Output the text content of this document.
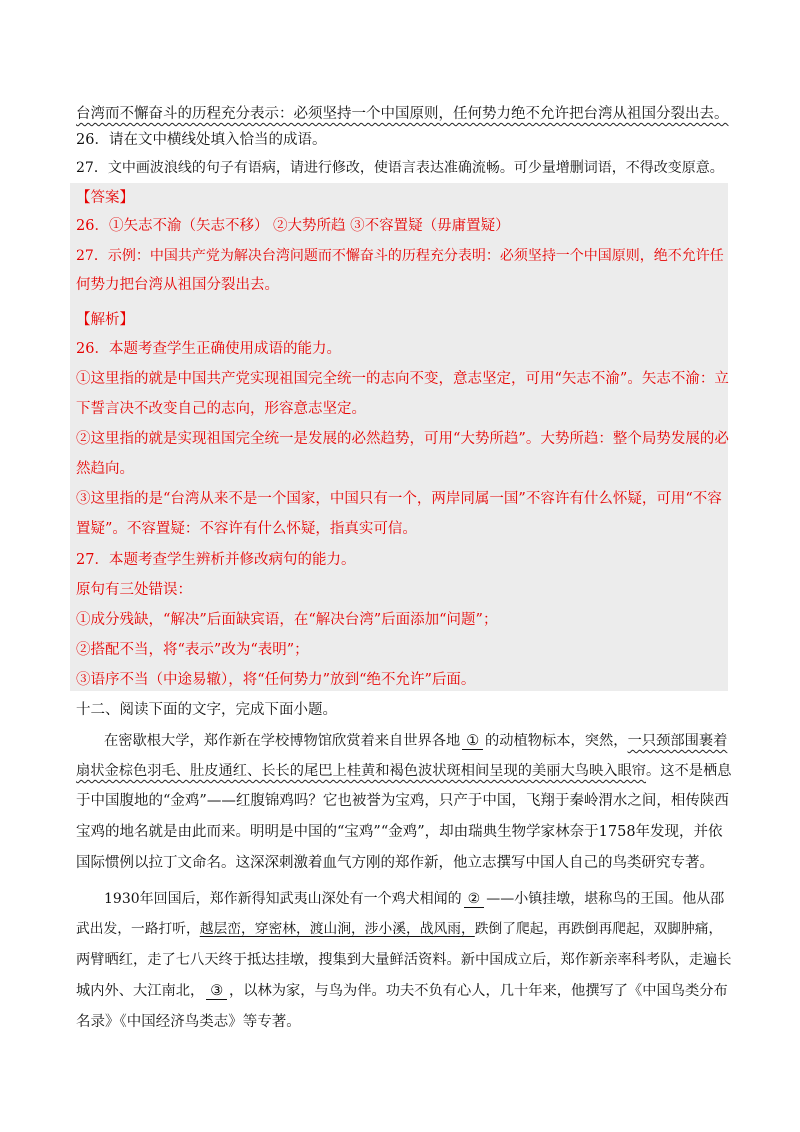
台湾而不懈奋斗的历程充分表示：必须坚持一个中国原则，任何势力绝不允许把台湾从祖国分裂出去。
26．请在文中横线处填入恰当的成语。
27．文中画波浪线的句子有语病，请进行修改，使语言表达准确流畅。可少量增删词语，不得改变原意。
【答案】
26．①矢志不渝（矢志不移） ②大势所趋 ③不容置疑（毋庸置疑）
27．示例：中国共产党为解决台湾问题而不懈奋斗的历程充分表明：必须坚持一个中国原则，绝不允许任
何势力把台湾从祖国分裂出去。
【解析】
26．本题考查学生正确使用成语的能力。
①这里指的就是中国共产党实现祖国完全统一的志向不变，意志坚定，可用“矢志不渝”。矢志不渝：立
下誓言决不改变自己的志向，形容意志坚定。
②这里指的就是实现祖国完全统一是发展的必然趋势，可用“大势所趋”。大势所趋：整个局势发展的必
然趋向。
③这里指的是“台湾从来不是一个国家，中国只有一个，两岸同属一国”不容许有什么怀疑，可用“不容
置疑”。不容置疑：不容许有什么怀疑，指真实可信。
27．本题考查学生辨析并修改病句的能力。
原句有三处错误：
①成分残缺，“解决”后面缺宾语，在“解决台湾”后面添加“问题”；
②搭配不当，将“表示”改为“表明”；
③语序不当（中途易辙），将“任何势力”放到“绝不允许”后面。
十二、阅读下面的文字，完成下面小题。
在密歇根大学，郑作新在学校博物馆欣赏着来自世界各地 ① 的动植物标本，突然，一只颈部围裹着
扇状金棕色羽毛、肚皮通红、长长的尾巴上桂黄和褐色波状斑相间呈现的美丽大鸟映入眼帘。这不是栖息
于中国腹地的“金鸡”——红腹锦鸡吗？它也被誉为宝鸡，只产于中国，飞翔于秦岭渭水之间，相传陕西
宝鸡的地名就是由此而来。明明是中国的“宝鸡”“金鸡”，却由瑞典生物学家林奈于1758年发现，并依
国际惯例以拉丁文命名。这深深刺激着血气方刚的郑作新，他立志撰写中国人自己的鸟类研究专著。
1930年回国后，郑作新得知武夷山深处有一个鸡犬相闻的 ② ——小镇挂墩，堪称鸟的王国。他从邵
武出发，一路打听，越层峦，穿密林，渡山涧，涉小溪，战风雨，跌倒了爬起，再跌倒再爬起，双脚肿痛，
两臂晒红，走了七八天终于抵达挂墩，搜集到大量鲜活资料。新中国成立后，郑作新亲率科考队，走遍长
城内外、大江南北， ③ ，以林为家，与鸟为伴。功夫不负有心人，几十年来，他撰写了《中国鸟类分布
名录》《中国经济鸟类志》等专著。
